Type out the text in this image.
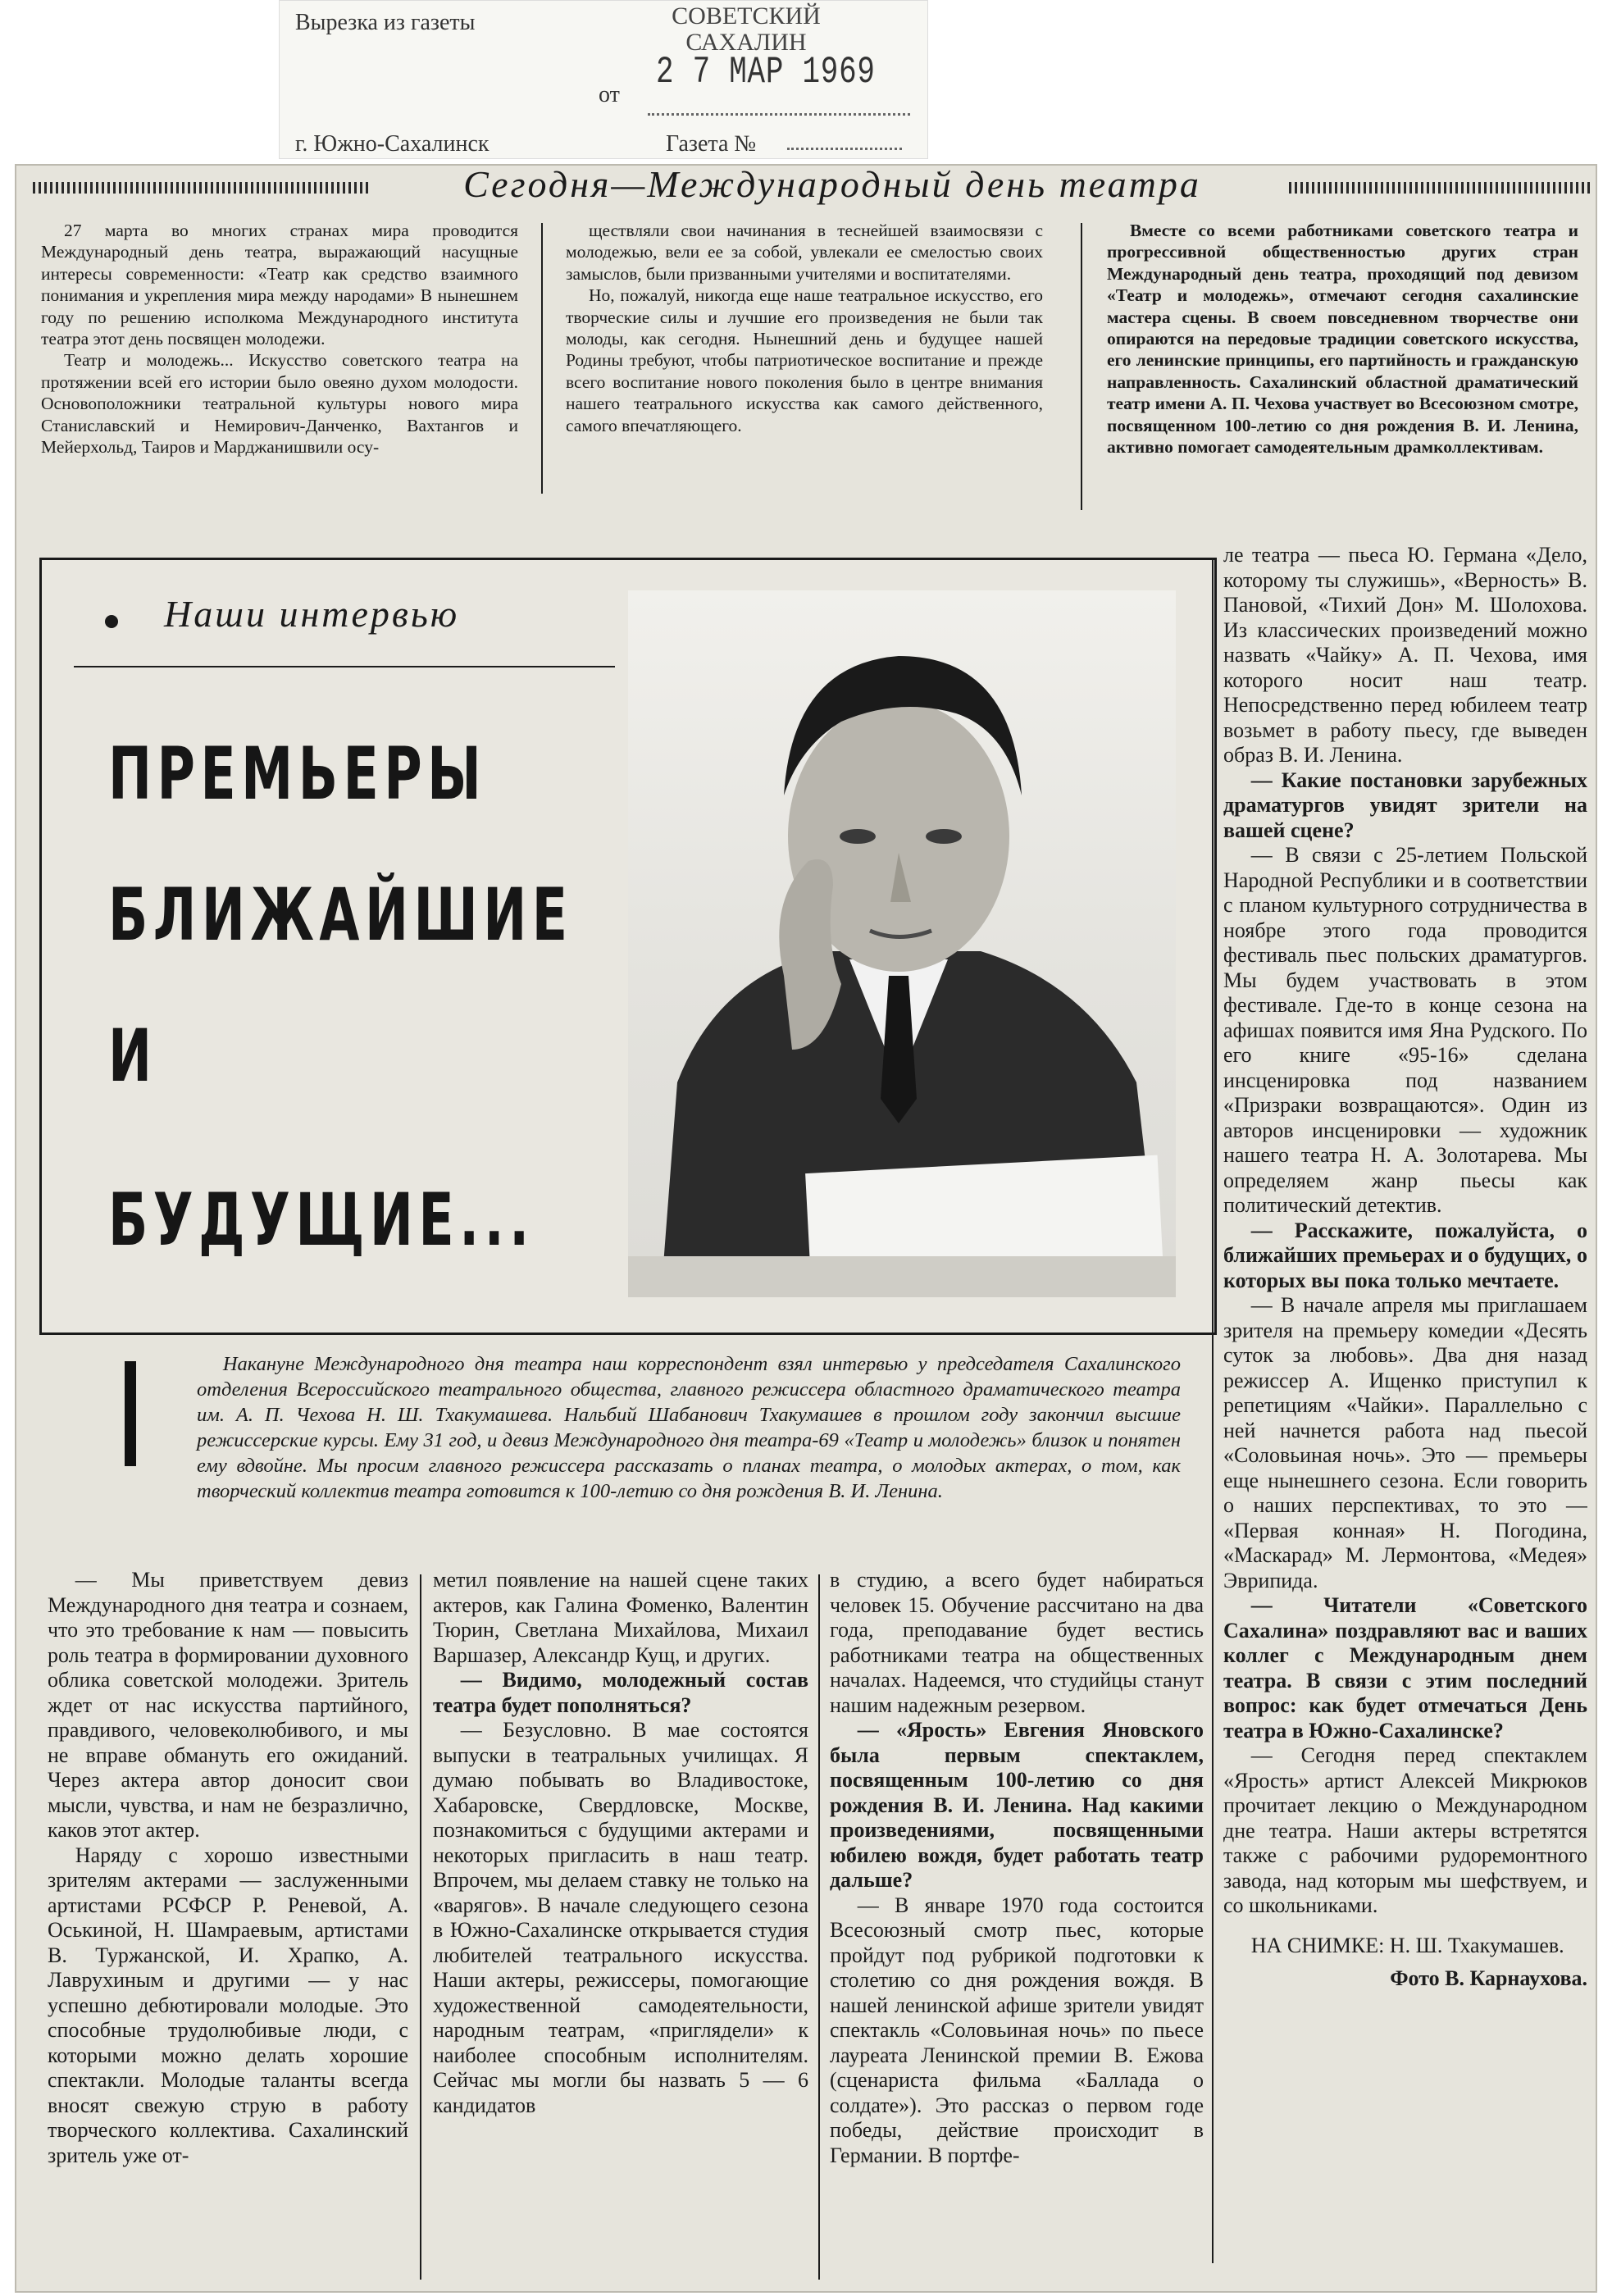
Вырезка из газеты	СОВЕТСКИЙ САХАЛИН
от
2 7 МАР 1969
г. Южно-Сахалинск	Газета №
Сегодня—Международный день театра

27 марта во многих странах мира проводится Международный день театра, выражающий насущные интересы современности: «Театр как средство взаимного понимания и укрепления мира между народами» В нынешнем году по решению исполкома Международного института театра этот день посвящен молодежи.

Театр и молодежь... Искусство советского театра на протяжении всей его истории было овеяно духом молодости. Основоположники театральной культуры нового мира Станиславский и Немирович-Данченко, Вахтангов и Мейерхольд, Таиров и Марджанишвили осу-

ществляли свои начинания в теснейшей взаимосвязи с молодежью, вели ее за собой, увлекали ее смелостью своих замыслов, были призванными учителями и воспитателями.

Но, пожалуй, никогда еще наше театральное искусство, его творческие силы и лучшие его произведения не были так молоды, как сегодня. Нынешний день и будущее нашей Родины требуют, чтобы патриотическое воспитание и прежде всего воспитание нового поколения было в центре внимания нашего театрального искусства как самого действенного, самого впечатляющего.

Вместе со всеми работниками советского театра и прогрессивной общественностью других стран Международный день театра, проходящий под девизом «Театр и молодежь», отмечают сегодня сахалинские мастера сцены. В своем повседневном творчестве они опираются на передовые традиции советского искусства, его ленинские принципы, его партийность и гражданскую направленность. Сахалинский областной драматический театр имени А. П. Чехова участвует во Всесоюзном смотре, посвященном 100-летию со дня рождения В. И. Ленина, активно помогает самодеятельным драмколлективам.

Наши интервью
ПРЕМЬЕРЫ
БЛИЖАЙШИЕ
И
БУДУЩИЕ...

ле театра — пьеса Ю. Германа «Дело, которому ты служишь», «Верность» В. Пановой, «Тихий Дон» М. Шолохова. Из классических произведений можно назвать «Чайку» А. П. Чехова, имя которого носит наш театр. Непосредственно перед юбилеем театр возьмет в работу пьесу, где выведен образ В. И. Ленина.

— Какие постановки зарубежных драматургов увидят зрители на вашей сцене?

— В связи с 25-летием Польской Народной Республики и в соответствии с планом культурного сотрудничества в ноябре этого года проводится фестиваль пьес польских драматургов. Мы будем участвовать в этом фестивале. Где-то в конце сезона на афишах появится имя Яна Рудского. По его книге «95-16» сделана инсценировка под названием «Призраки возвращаются». Один из авторов инсценировки — художник нашего театра Н. А. Золотарева. Мы определяем жанр пьесы как политический детектив.

— Расскажите, пожалуйста, о ближайших премьерах и о будущих, о которых вы пока только мечтаете.

— В начале апреля мы приглашаем зрителя на премьеру комедии «Десять суток за любовь». Два дня назад режиссер А. Ищенко приступил к репетициям «Чайки». Параллельно с ней начнется работа над пьесой «Соловьиная ночь». Это — премьеры еще нынешнего сезона. Если говорить о наших перспективах, то это — «Первая конная» Н. Погодина, «Маскарад» М. Лермонтова, «Медея» Эврипида.

— Читатели «Советского Сахалина» поздравляют вас и ваших коллег с Международным днем театра. В связи с этим последний вопрос: как будет отмечаться День театра в Южно-Сахалинске?

— Сегодня перед спектаклем «Ярость» артист Алексей Микрюков прочитает лекцию о Международном дне театра. Наши актеры встретятся также с рабочими рудоремонтного завода, над которым мы шефствуем, и со школьниками.

НА СНИМКЕ: Н. Ш. Тхакумашев.
Фото В. Карнаухова.
Накануне Международного дня театра наш корреспондент взял интервью у председателя Сахалинского отделения Всероссийского театрального общества, главного режиссера областного драматического театра им. А. П. Чехова Н. Ш. Тхакумашева. Нальбий Шабанович Тхакумашев в прошлом году закончил высшие режиссерские курсы. Ему 31 год, и девиз Международного дня театра-69 «Театр и молодежь» близок и понятен ему вдвойне. Мы просим главного режиссера рассказать о планах театра, о молодых актерах, о том, как творческий коллектив театра готовится к 100-летию со дня рождения В. И. Ленина.

— Мы приветствуем девиз Международного дня театра и сознаем, что это требование к нам — повысить роль театра в формировании духовного облика советской молодежи. Зритель ждет от нас искусства партийного, правдивого, человеколюбивого, и мы не вправе обмануть его ожиданий. Через актера автор доносит свои мысли, чувства, и нам не безразлично, каков этот актер.

Наряду с хорошо известными зрителям актерами — заслуженными артистами РСФСР Р. Реневой, А. Оськиной, Н. Шамраевым, артистами В. Туржанской, И. Храпко, А. Лаврухиным и другими — у нас успешно дебютировали молодые. Это способные трудолюбивые люди, с которыми можно делать хорошие спектакли. Молодые таланты всегда вносят свежую струю в работу творческого коллектива. Сахалинский зритель уже от-

метил появление на нашей сцене таких актеров, как Галина Фоменко, Валентин Тюрин, Светлана Михайлова, Михаил Варшазер, Александр Кущ, и других.

— Видимо, молодежный состав театра будет пополняться?

— Безусловно. В мае состоятся выпуски в театральных училищах. Я думаю побывать во Владивостоке, Хабаровске, Свердловске, Москве, познакомиться с будущими актерами и некоторых пригласить в наш театр. Впрочем, мы делаем ставку не только на «варягов». В начале следующего сезона в Южно-Сахалинске открывается студия любителей театрального искусства. Наши актеры, режиссеры, помогающие художественной самодеятельности, народным театрам, «приглядели» к наиболее способным исполнителям. Сейчас мы могли бы назвать 5 — 6 кандидатов

в студию, а всего будет набираться человек 15. Обучение рассчитано на два года, преподавание будет вестись работниками театра на общественных началах. Надеемся, что студийцы станут нашим надежным резервом.

— «Ярость» Евгения Яновского была первым спектаклем, посвященным 100-летию со дня рождения В. И. Ленина. Над какими произведениями, посвященными юбилею вождя, будет работать театр дальше?

— В январе 1970 года состоится Всесоюзный смотр пьес, которые пройдут под рубрикой подготовки к столетию со дня рождения вождя. В нашей ленинской афише зрители увидят спектакль «Соловьиная ночь» по пьесе лауреата Ленинской премии В. Ежова (сценариста фильма «Баллада о солдате»). Это рассказ о первом годе победы, действие происходит в Германии. В портфе-
